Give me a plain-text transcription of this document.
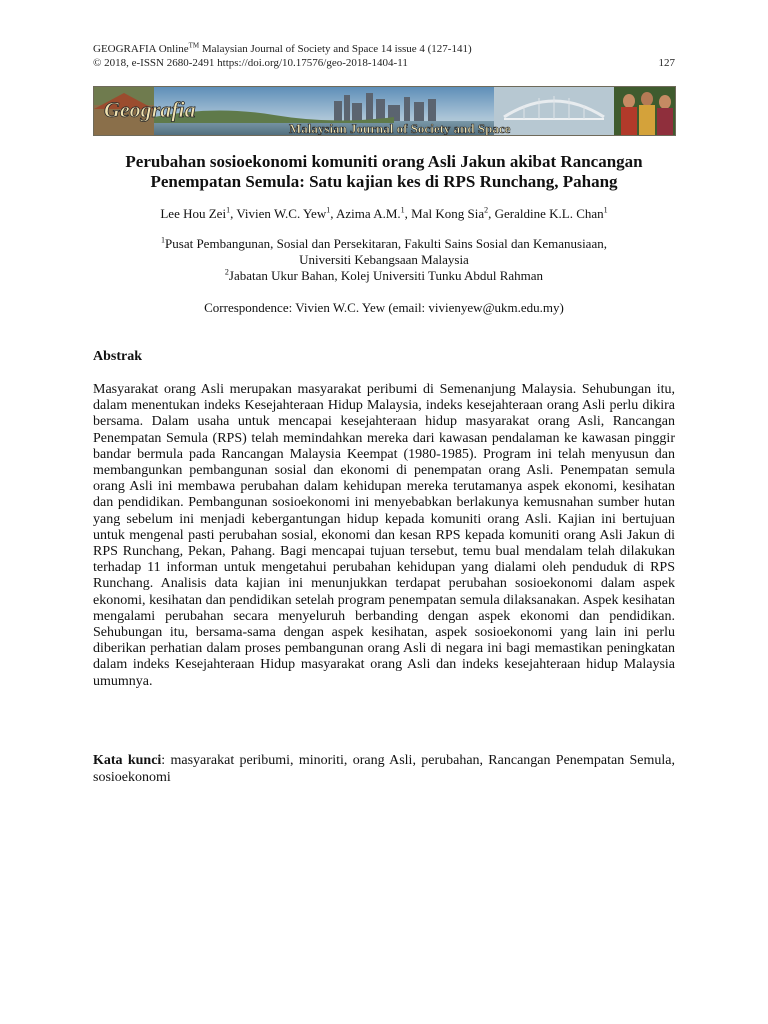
GEOGRAFIA Online™ Malaysian Journal of Society and Space 14 issue 4 (127-141)
© 2018, e-ISSN 2680-2491 https://doi.org/10.17576/geo-2018-1404-11	127
Geografia
Malaysian Journal of Society and Space
Perubahan sosioekonomi komuniti orang Asli Jakun akibat Rancangan
Penempatan Semula: Satu kajian kes di RPS Runchang, Pahang
Lee Hou Zei$^1$, Vivien W.C. Yew$^1$, Azima A.M.$^1$, Mal Kong Sia$^2$, Geraldine K.L. Chan$^1$
$^1$Pusat Pembangunan, Sosial dan Persekitaran, Fakulti Sains Sosial dan Kemanusiaan,
Universiti Kebangsaan Malaysia
$^2$Jabatan Ukur Bahan, Kolej Universiti Tunku Abdul Rahman
Correspondence: Vivien W.C. Yew (email: vivienyew@ukm.edu.my)
Abstrak

Masyarakat orang Asli merupakan masyarakat peribumi di Semenanjung Malaysia. Sehubungan itu, dalam menentukan indeks Kesejahteraan Hidup Malaysia, indeks kesejahteraan orang Asli perlu dikira bersama. Dalam usaha untuk mencapai kesejahteraan hidup masyarakat orang Asli, Rancangan Penempatan Semula (RPS) telah memindahkan mereka dari kawasan pendalaman ke kawasan pinggir bandar bermula pada Rancangan Malaysia Keempat (1980-1985). Program ini telah menyusun dan membangunkan pembangunan sosial dan ekonomi di penempatan orang Asli. Penempatan semula orang Asli ini membawa perubahan dalam kehidupan mereka terutamanya aspek ekonomi, kesihatan dan pendidikan. Pembangunan sosioekonomi ini menyebabkan berlakunya kemusnahan sumber hutan yang sebelum ini menjadi kebergantungan hidup kepada komuniti orang Asli. Kajian ini bertujuan untuk mengenal pasti perubahan sosial, ekonomi dan kesan RPS kepada komuniti orang Asli Jakun di RPS Runchang, Pekan, Pahang. Bagi mencapai tujuan tersebut, temu bual mendalam telah dilakukan terhadap 11 informan untuk mengetahui perubahan kehidupan yang dialami oleh penduduk di RPS Runchang. Analisis data kajian ini menunjukkan terdapat perubahan sosioekonomi dalam aspek ekonomi, kesihatan dan pendidikan setelah program penempatan semula dilaksanakan. Aspek kesihatan mengalami perubahan secara menyeluruh berbanding dengan aspek ekonomi dan pendidikan. Sehubungan itu, bersama-sama dengan aspek kesihatan, aspek sosioekonomi yang lain ini perlu diberikan perhatian dalam proses pembangunan orang Asli di negara ini bagi memastikan peningkatan dalam indeks Kesejahteraan Hidup masyarakat orang Asli dan indeks kesejahteraan hidup Malaysia umumnya.

Kata kunci: masyarakat peribumi, minoriti, orang Asli, perubahan, Rancangan Penempatan Semula, sosioekonomi
